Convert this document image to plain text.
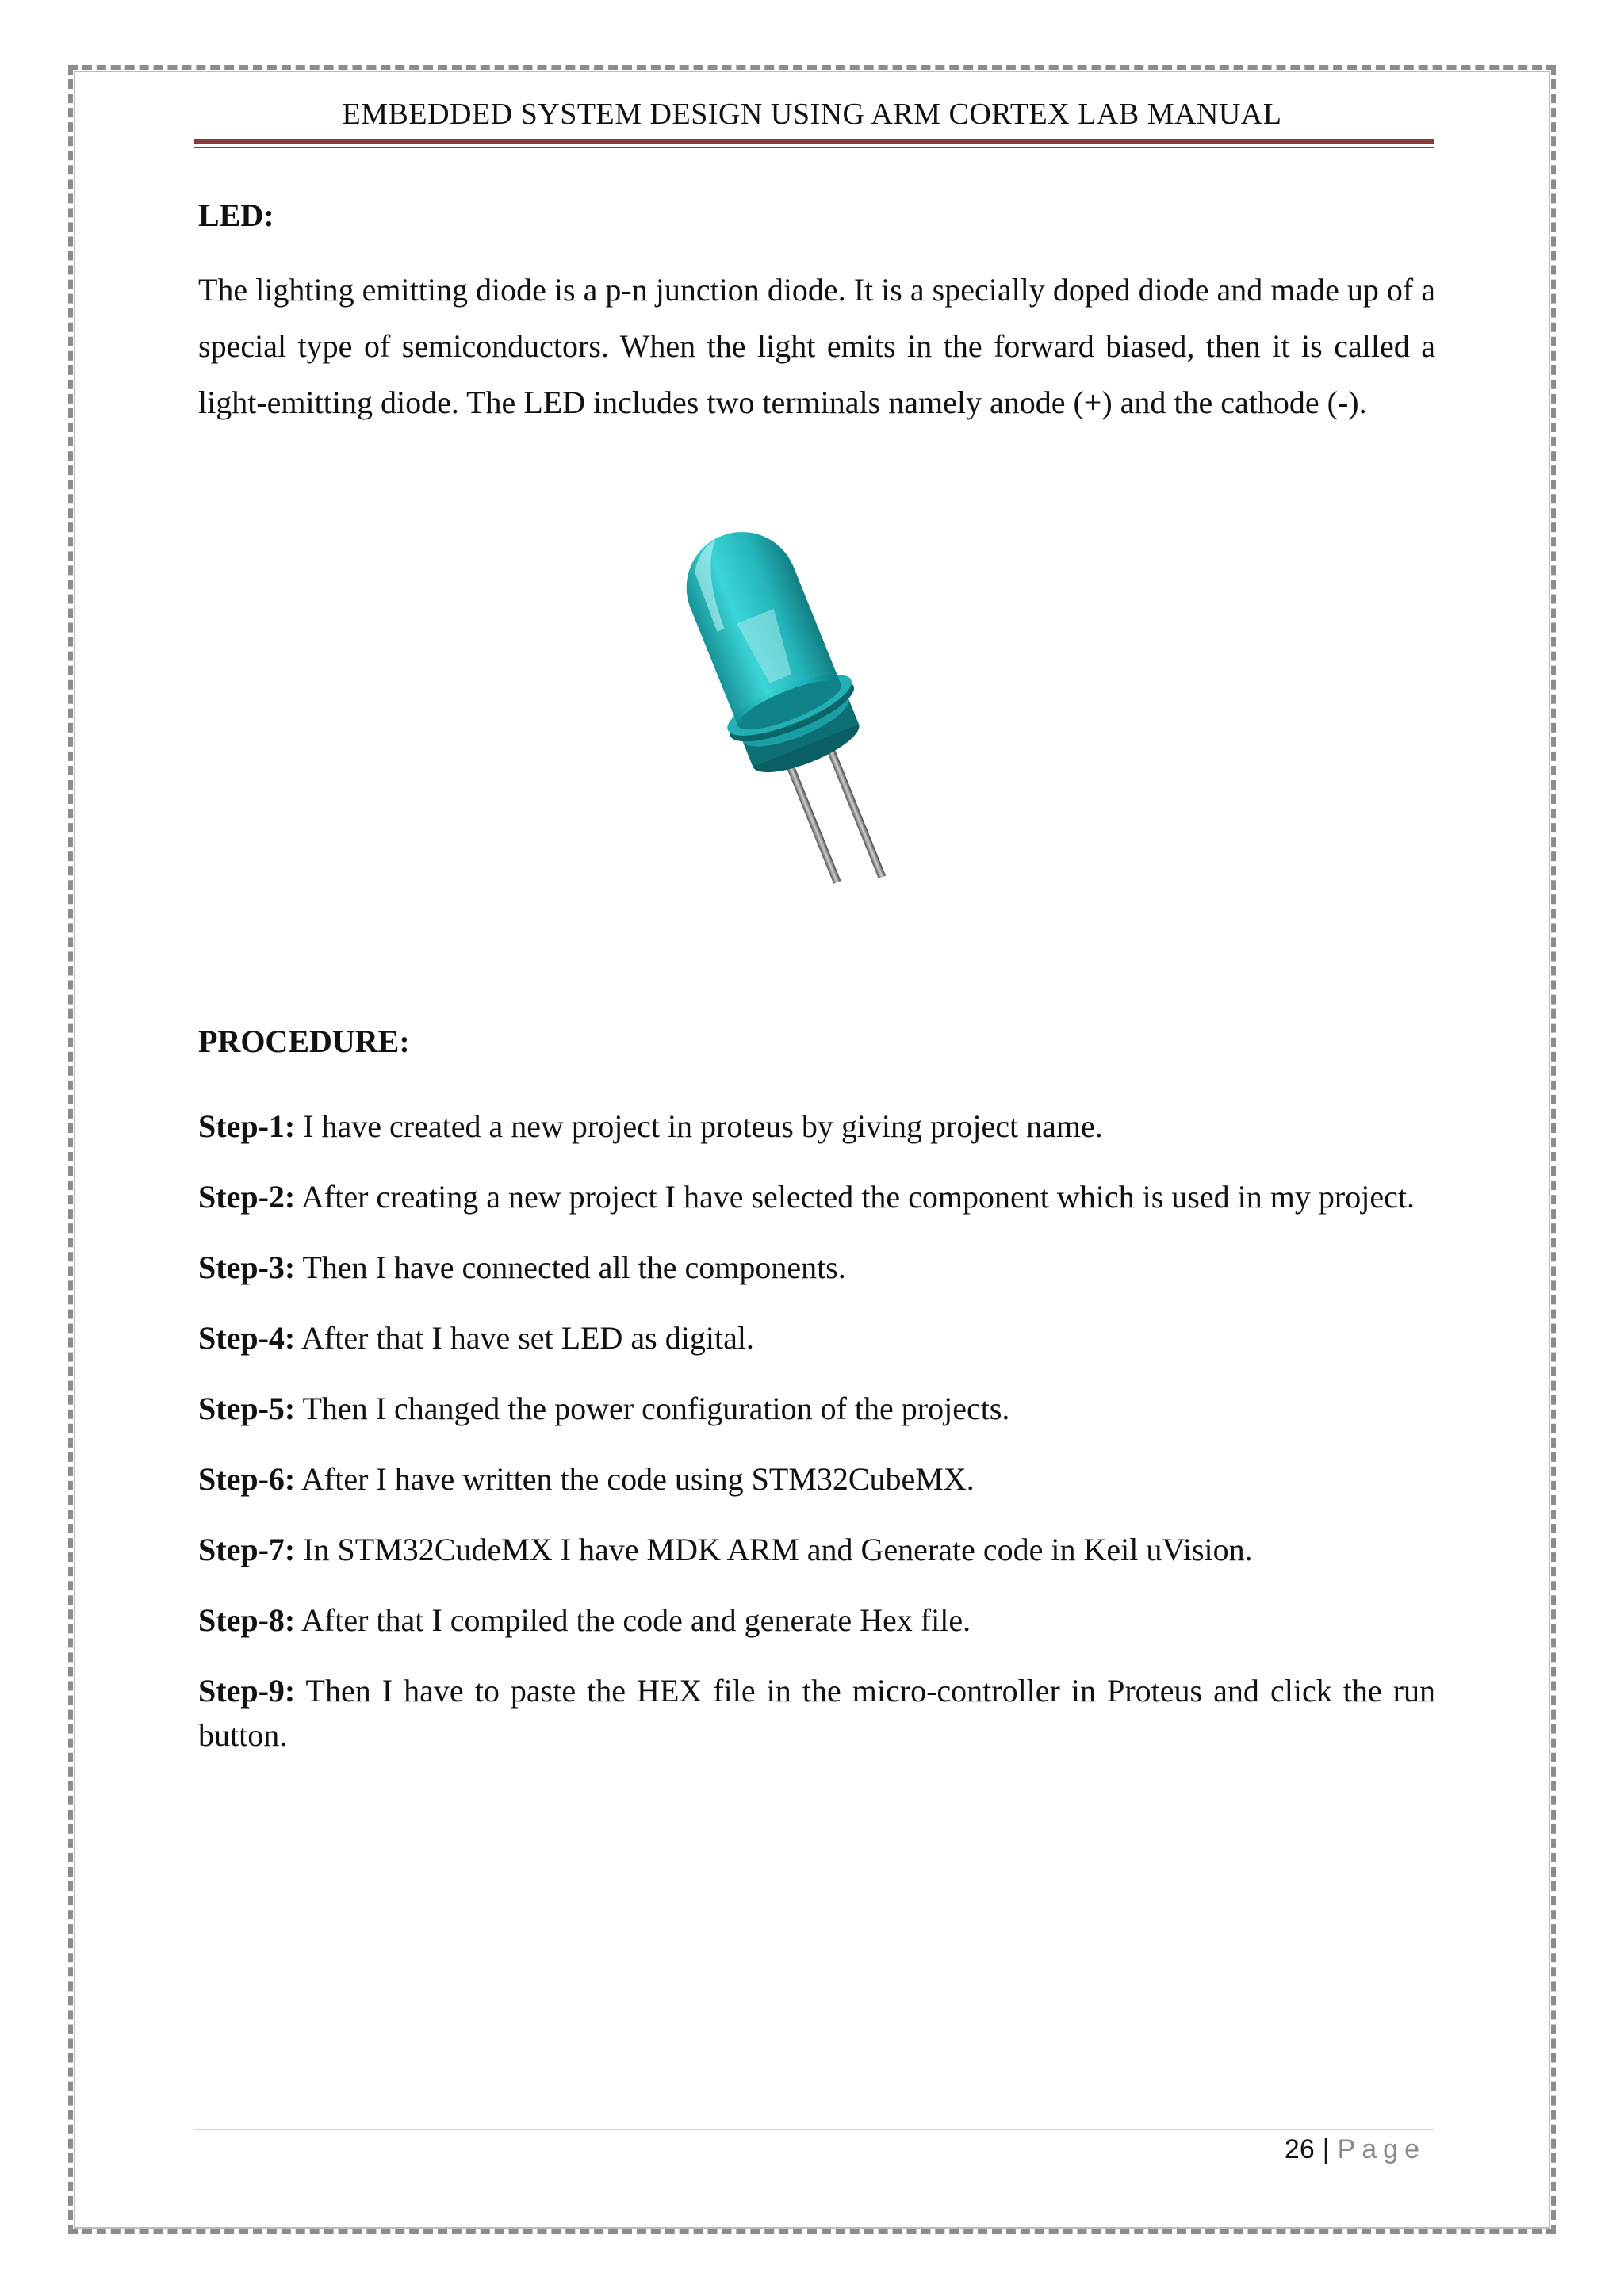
EMBEDDED SYSTEM DESIGN USING ARM CORTEX LAB MANUAL
LED:
The lighting emitting diode is a p-n junction diode. It is a specially doped diode and made up of a special type of semiconductors. When the light emits in the forward biased, then it is called a light-emitting diode. The LED includes two terminals namely anode (+) and the cathode (-).
PROCEDURE:
Step-1: I have created a new project in proteus by giving project name.
Step-2: After creating a new project I have selected the component which is used in my project.
Step-3: Then I have connected all the components.
Step-4: After that I have set LED as digital.
Step-5: Then I changed the power configuration of the projects.
Step-6: After I have written the code using STM32CubeMX.
Step-7: In STM32CudeMX I have MDK ARM and Generate code in Keil uVision.
Step-8: After that I compiled the code and generate Hex file.
Step-9: Then I have to paste the HEX file in the micro-controller in Proteus and click the run button.
26 | Page
